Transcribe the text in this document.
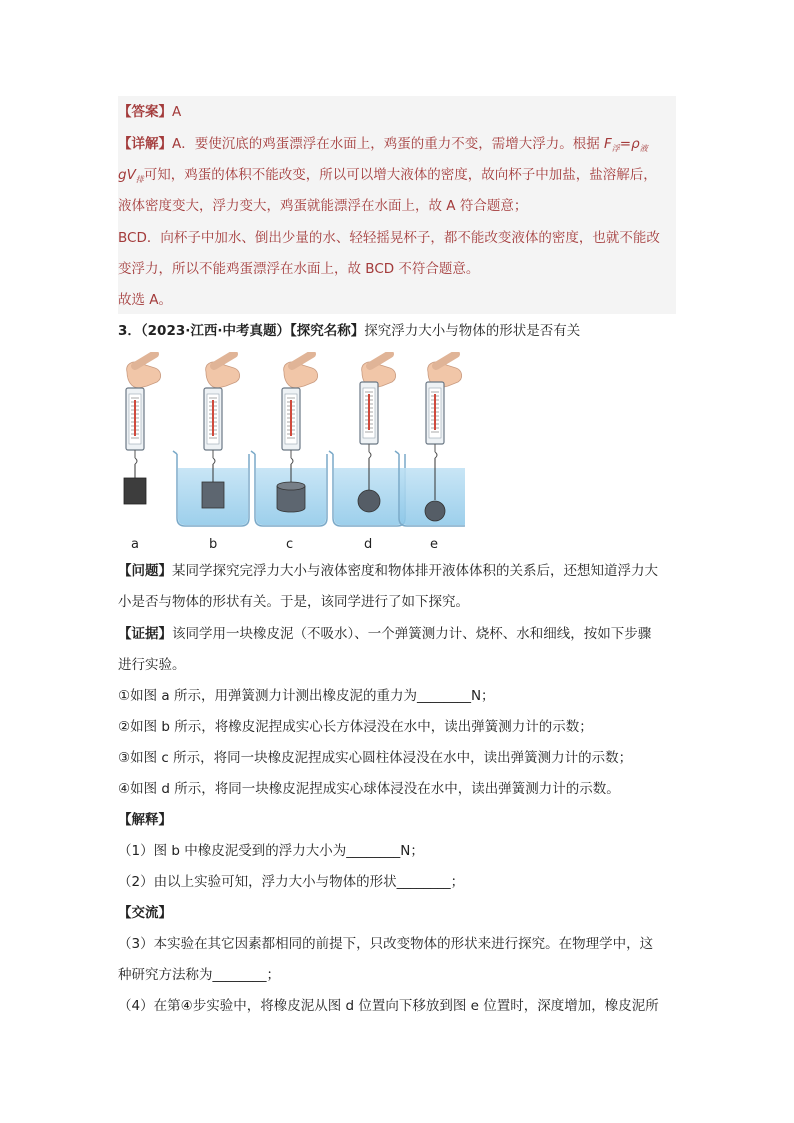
【答案】A
【详解】A．要使沉底的鸡蛋漂浮在水面上，鸡蛋的重力不变，需增大浮力。根据 $F_浮=\rho_液$
$gV_排$可知，鸡蛋的体积不能改变，所以可以增大液体的密度，故向杯子中加盐，盐溶解后，
液体密度变大，浮力变大，鸡蛋就能漂浮在水面上，故 A 符合题意；
BCD．向杯子中加水、倒出少量的水、轻轻摇晃杯子，都不能改变液体的密度，也就不能改
变浮力，所以不能鸡蛋漂浮在水面上，故 BCD 不符合题意。
故选 A。
3．（2023·江西·中考真题）【探究名称】探究浮力大小与物体的形状是否有关
a	b	c	d	e
【问题】某同学探究完浮力大小与液体密度和物体排开液体体积的关系后，还想知道浮力大
小是否与物体的形状有关。于是，该同学进行了如下探究。
【证据】该同学用一块橡皮泥（不吸水）、一个弹簧测力计、烧杯、水和细线，按如下步骤
进行实验。
①如图 a 所示，用弹簧测力计测出橡皮泥的重力为________N；
②如图 b 所示，将橡皮泥捏成实心长方体浸没在水中，读出弹簧测力计的示数；
③如图 c 所示，将同一块橡皮泥捏成实心圆柱体浸没在水中，读出弹簧测力计的示数；
④如图 d 所示，将同一块橡皮泥捏成实心球体浸没在水中，读出弹簧测力计的示数。
【解释】
（1）图 b 中橡皮泥受到的浮力大小为________N；
（2）由以上实验可知，浮力大小与物体的形状________；
【交流】
（3）本实验在其它因素都相同的前提下，只改变物体的形状来进行探究。在物理学中，这
种研究方法称为________；
（4）在第④步实验中，将橡皮泥从图 d 位置向下移放到图 e 位置时，深度增加，橡皮泥所
